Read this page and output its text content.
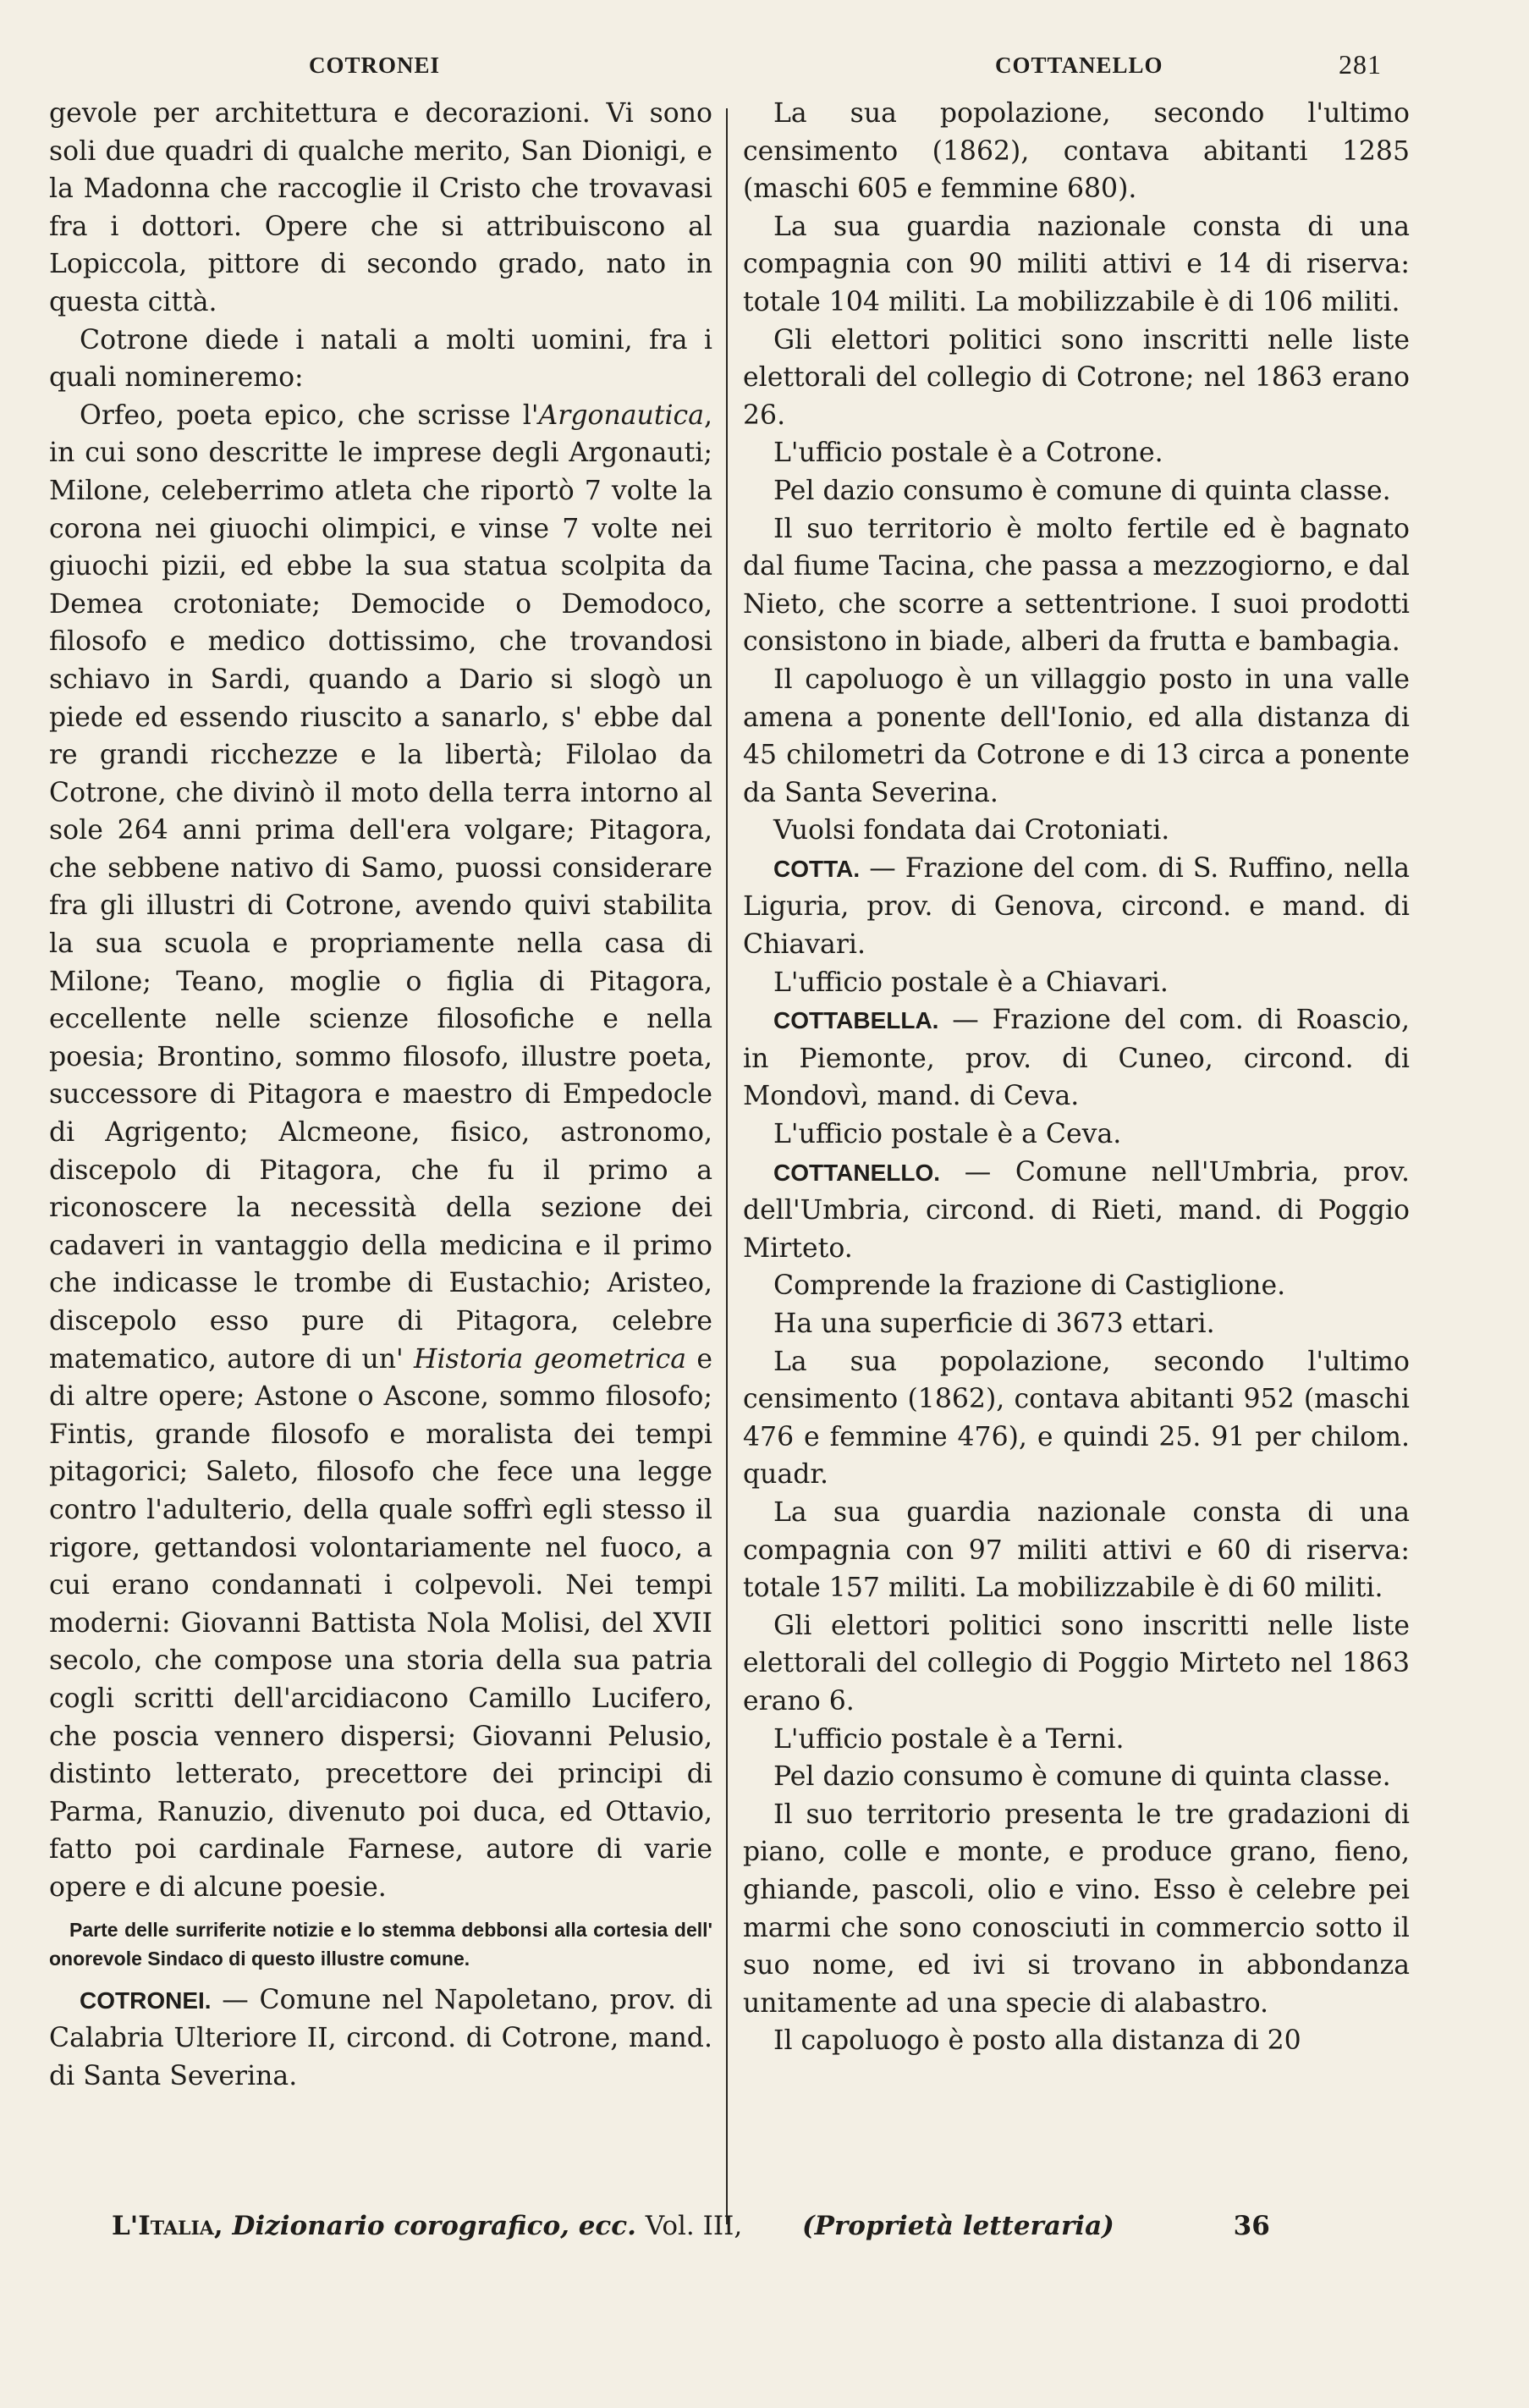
COTRONEI	COTTANELLO	281

gevole per architettura e decorazioni. Vi sono soli due quadri di qualche merito, San Dionigi, e la Madonna che raccoglie il Cristo che trovavasi fra i dottori. Opere che si attribuiscono al Lopiccola, pittore di secondo grado, nato in questa città.

Cotrone diede i natali a molti uomini, fra i quali nomineremo:

Orfeo, poeta epico, che scrisse l'Argonautica, in cui sono descritte le imprese degli Argonauti; Milone, celeberrimo atleta che riportò 7 volte la corona nei giuochi olimpici, e vinse 7 volte nei giuochi pizii, ed ebbe la sua statua scolpita da Demea crotoniate; Democide o Demodoco, filosofo e medico dottissimo, che trovandosi schiavo in Sardi, quando a Dario si slogò un piede ed essendo riuscito a sanarlo, s' ebbe dal re grandi ricchezze e la libertà; Filolao da Cotrone, che divinò il moto della terra intorno al sole 264 anni prima dell'era volgare; Pitagora, che sebbene nativo di Samo, puossi considerare fra gli illustri di Cotrone, avendo quivi stabilita la sua scuola e propriamente nella casa di Milone; Teano, moglie o figlia di Pitagora, eccellente nelle scienze filosofiche e nella poesia; Brontino, sommo filosofo, illustre poeta, successore di Pitagora e maestro di Empedocle di Agrigento; Alcmeone, fisico, astronomo, discepolo di Pitagora, che fu il primo a riconoscere la necessità della sezione dei cadaveri in vantaggio della medicina e il primo che indicasse le trombe di Eustachio; Aristeo, discepolo esso pure di Pitagora, celebre matematico, autore di un' Historia geometrica e di altre opere; Astone o Ascone, sommo filosofo; Fintis, grande filosofo e moralista dei tempi pitagorici; Saleto, filosofo che fece una legge contro l'adulterio, della quale soffrì egli stesso il rigore, gettandosi volontariamente nel fuoco, a cui erano condannati i colpevoli. Nei tempi moderni: Giovanni Battista Nola Molisi, del XVII secolo, che compose una storia della sua patria cogli scritti dell'arcidiacono Camillo Lucifero, che poscia vennero dispersi; Giovanni Pelusio, distinto letterato, precettore dei principi di Parma, Ranuzio, divenuto poi duca, ed Ottavio, fatto poi cardinale Farnese, autore di varie opere e di alcune poesie.

Parte delle surriferite notizie e lo stemma debbonsi alla cortesia dell' onorevole Sindaco di questo illustre comune.

COTRONEI. — Comune nel Napoletano, prov. di Calabria Ulteriore II, circond. di Cotrone, mand. di Santa Severina.

La sua popolazione, secondo l'ultimo censimento (1862), contava abitanti 1285 (maschi 605 e femmine 680).

La sua guardia nazionale consta di una compagnia con 90 militi attivi e 14 di riserva: totale 104 militi. La mobilizzabile è di 106 militi.

Gli elettori politici sono inscritti nelle liste elettorali del collegio di Cotrone; nel 1863 erano 26.

L'ufficio postale è a Cotrone.

Pel dazio consumo è comune di quinta classe.

Il suo territorio è molto fertile ed è bagnato dal fiume Tacina, che passa a mezzogiorno, e dal Nieto, che scorre a settentrione. I suoi prodotti consistono in biade, alberi da frutta e bambagia.

Il capoluogo è un villaggio posto in una valle amena a ponente dell'Ionio, ed alla distanza di 45 chilometri da Cotrone e di 13 circa a ponente da Santa Severina.

Vuolsi fondata dai Crotoniati.

COTTA. — Frazione del com. di S. Ruffino, nella Liguria, prov. di Genova, circond. e mand. di Chiavari.

L'ufficio postale è a Chiavari.

COTTABELLA. — Frazione del com. di Roascio, in Piemonte, prov. di Cuneo, circond. di Mondovì, mand. di Ceva.

L'ufficio postale è a Ceva.

COTTANELLO. — Comune nell'Umbria, prov. dell'Umbria, circond. di Rieti, mand. di Poggio Mirteto.

Comprende la frazione di Castiglione.

Ha una superficie di 3673 ettari.

La sua popolazione, secondo l'ultimo censimento (1862), contava abitanti 952 (maschi 476 e femmine 476), e quindi 25. 91 per chilom. quadr.

La sua guardia nazionale consta di una compagnia con 97 militi attivi e 60 di riserva: totale 157 militi. La mobilizzabile è di 60 militi.

Gli elettori politici sono inscritti nelle liste elettorali del collegio di Poggio Mirteto nel 1863 erano 6.

L'ufficio postale è a Terni.

Pel dazio consumo è comune di quinta classe.

Il suo territorio presenta le tre gradazioni di piano, colle e monte, e produce grano, fieno, ghiande, pascoli, olio e vino. Esso è celebre pei marmi che sono conosciuti in commercio sotto il suo nome, ed ivi si trovano in abbondanza unitamente ad una specie di alabastro.

Il capoluogo è posto alla distanza di 20

L'Italia, Dizionario corografico, ecc. Vol. III, (Proprietà letteraria)	36
